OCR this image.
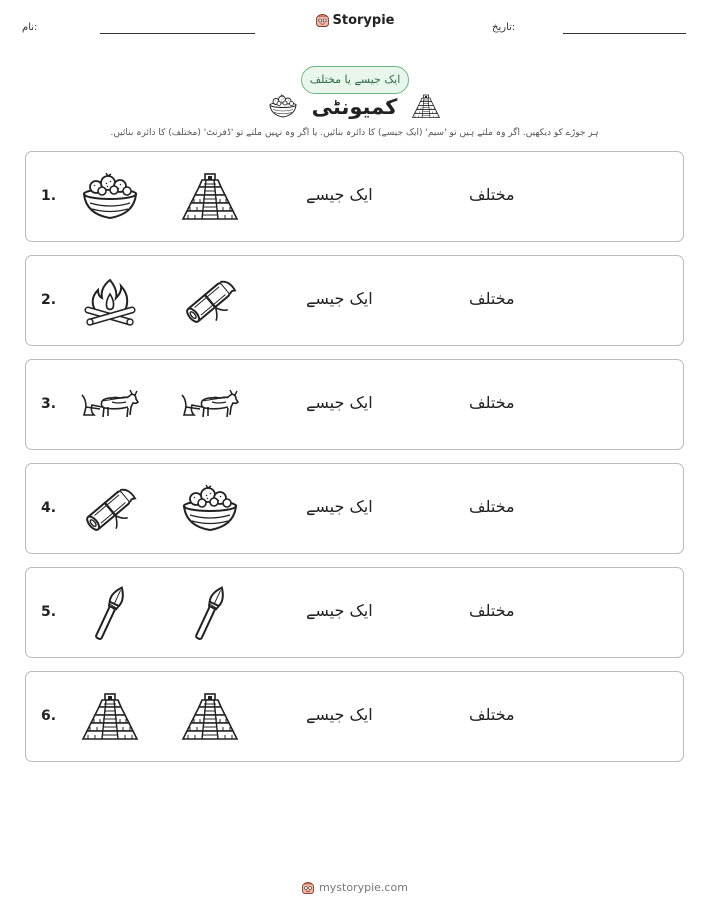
نام:	Storypie	تاریخ:
ایک جیسے یا مختلف
کمیونٹی
ہر جوڑے کو دیکھیں. اگر وہ ملتے ہیں تو 'سیم' (ایک جیسے) کا دائرہ بنائیں. یا اگر وہ نہیں ملتے تو 'ڈفرنٹ' (مختلف) کا دائرہ بنائیں.
1.	ایک جیسے	مختلف
2.	ایک جیسے	مختلف
3.	ایک جیسے	مختلف
4.	ایک جیسے	مختلف
5.	ایک جیسے	مختلف
6.	ایک جیسے	مختلف
mystorypie.com
